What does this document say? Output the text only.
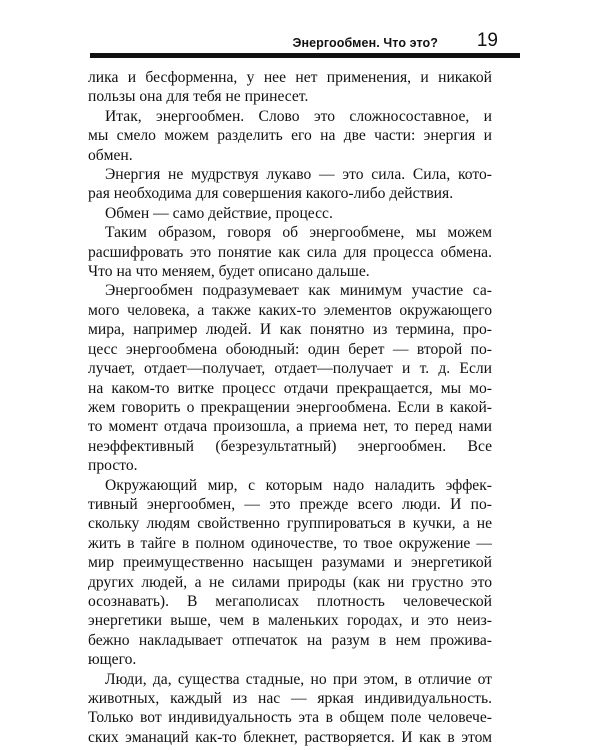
Энергообмен. Что это? 19
лика и бесформенна, у нее нет применения, и никакой
пользы она для тебя не принесет.
Итак, энергообмен. Слово это сложносоставное, и
мы смело можем разделить его на две части: энергия и
обмен.
Энергия не мудрствуя лукаво — это сила. Сила, кото-
рая необходима для совершения какого-либо действия.
Обмен — само действие, процесс.
Таким образом, говоря об энергообмене, мы можем
расшифровать это понятие как сила для процесса обмена.
Что на что меняем, будет описано дальше.
Энергообмен подразумевает как минимум участие са-
мого человека, а также каких-то элементов окружающего
мира, например людей. И как понятно из термина, про-
цесс энергообмена обоюдный: один берет — второй по-
лучает, отдает—получает, отдает—получает и т. д. Если
на каком-то витке процесс отдачи прекращается, мы мо-
жем говорить о прекращении энергообмена. Если в какой-
то момент отдача произошла, а приема нет, то перед нами
неэффективный (безрезультатный) энергообмен. Все
просто.
Окружающий мир, с которым надо наладить эффек-
тивный энергообмен, — это прежде всего люди. И по-
скольку людям свойственно группироваться в кучки, а не
жить в тайге в полном одиночестве, то твое окружение —
мир преимущественно насыщен разумами и энергетикой
других людей, а не силами природы (как ни грустно это
осознавать). В мегаполисах плотность человеческой
энергетики выше, чем в маленьких городах, и это неиз-
бежно накладывает отпечаток на разум в нем прожива-
ющего.
Люди, да, существа стадные, но при этом, в отличие от
животных, каждый из нас — яркая индивидуальность.
Только вот индивидуальность эта в общем поле человече-
ских эманаций как-то блекнет, растворяется. И как в этом
